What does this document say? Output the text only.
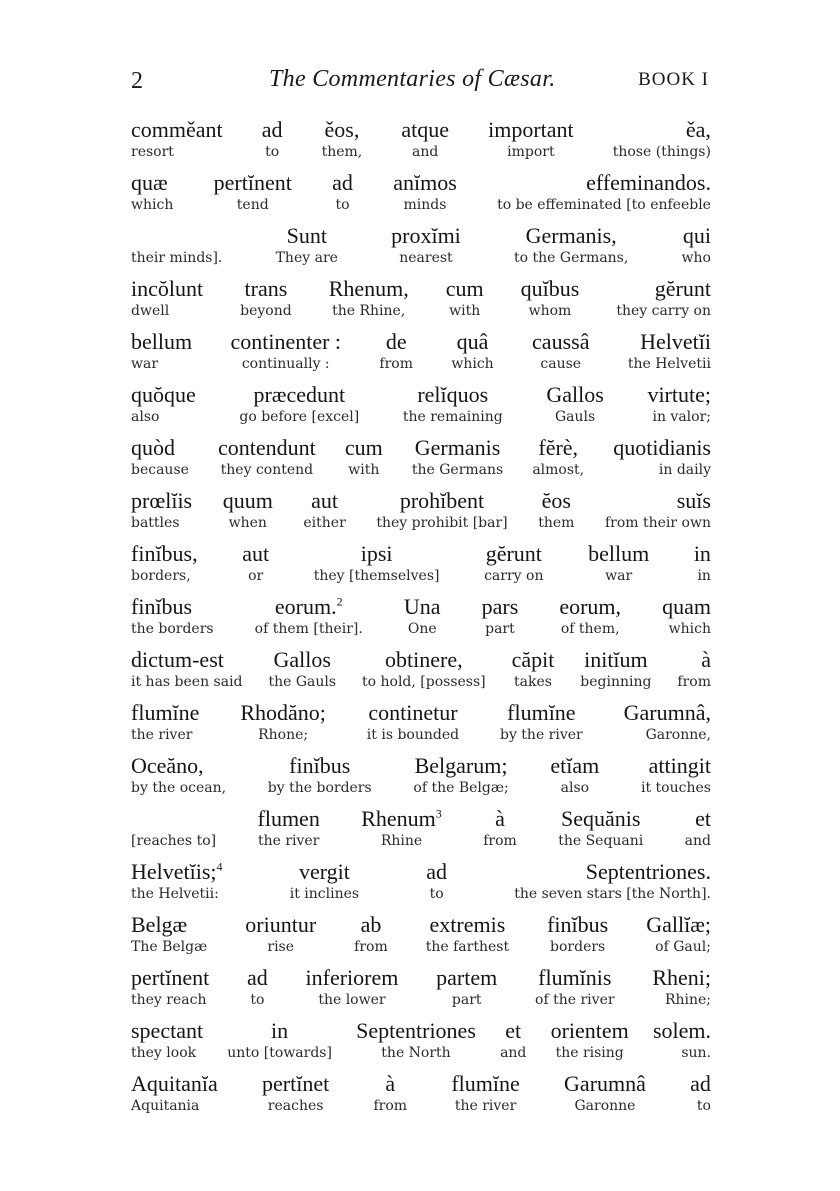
2	The Commentaries of Cæsar.	BOOK I
comměant
resort
ad
to
ěos,
them,
atque
and
important
import
ěa,
those (things)
quæ
which
pertĭnent
tend
ad
to
anĭmos
minds
effeminandos.
to be effeminated [to enfeeble
their minds].
Sunt
They are
proxĭmi
nearest
Germanis,
to the Germans,
qui
who
incŏlunt
dwell
trans
beyond
Rhenum,
the Rhine,
cum
with
quĭbus
whom
gĕrunt
they carry on
bellum
war
continenter :
continually :
de
from
quâ
which
caussâ
cause
Helvetĭi
the Helvetii
quŏque
also
præcedunt
go before [excel]
relĭquos
the remaining
Gallos
Gauls
virtute;
in valor;
quòd
because
contendunt
they contend
cum
with
Germanis
the Germans
fĕrè,
almost,
quotidianis
in daily
prœlĭis
battles
quum
when
aut
either
prohĭbent
they prohibit [bar]
ĕos
them
suĭs
from their own
finĭbus,
borders,
aut
or
ipsi
they [themselves]
gĕrunt
carry on
bellum
war
in
in
finĭbus
the borders
eorum.$^2$
of them [their].
Una
One
pars
part
eorum,
of them,
quam
which
dictum-est
it has been said
Gallos
the Gauls
obtinere,
to hold, [possess]
căpit
takes
initĭum
beginning
à
from
flumĭne
the river
Rhodăno;
Rhone;
continetur
it is bounded
flumĭne
by the river
Garumnâ,
Garonne,
Oceăno,
by the ocean,
finĭbus
by the borders
Belgarum;
of the Belgæ;
etĭam
also
attingit
it touches
[reaches to]
flumen
the river
Rhenum$^3$
Rhine
à
from
Sequănis
the Sequani
et
and
Helvetĭis;$^4$
the Helvetii:
vergit
it inclines
ad
to
Septentriones.
the seven stars [the North].
Belgæ
The Belgæ
oriuntur
rise
ab
from
extremis
the farthest
finĭbus
borders
Gallĭæ;
of Gaul;
pertĭnent
they reach
ad
to
inferiorem
the lower
partem
part
flumĭnis
of the river
Rheni;
Rhine;
spectant
they look
in
unto [towards]
Septentriones
the North
et
and
orientem
the rising
solem.
sun.
Aquitanĭa
Aquitania
pertĭnet
reaches
à
from
flumĭne
the river
Garumnâ
Garonne
ad
to
